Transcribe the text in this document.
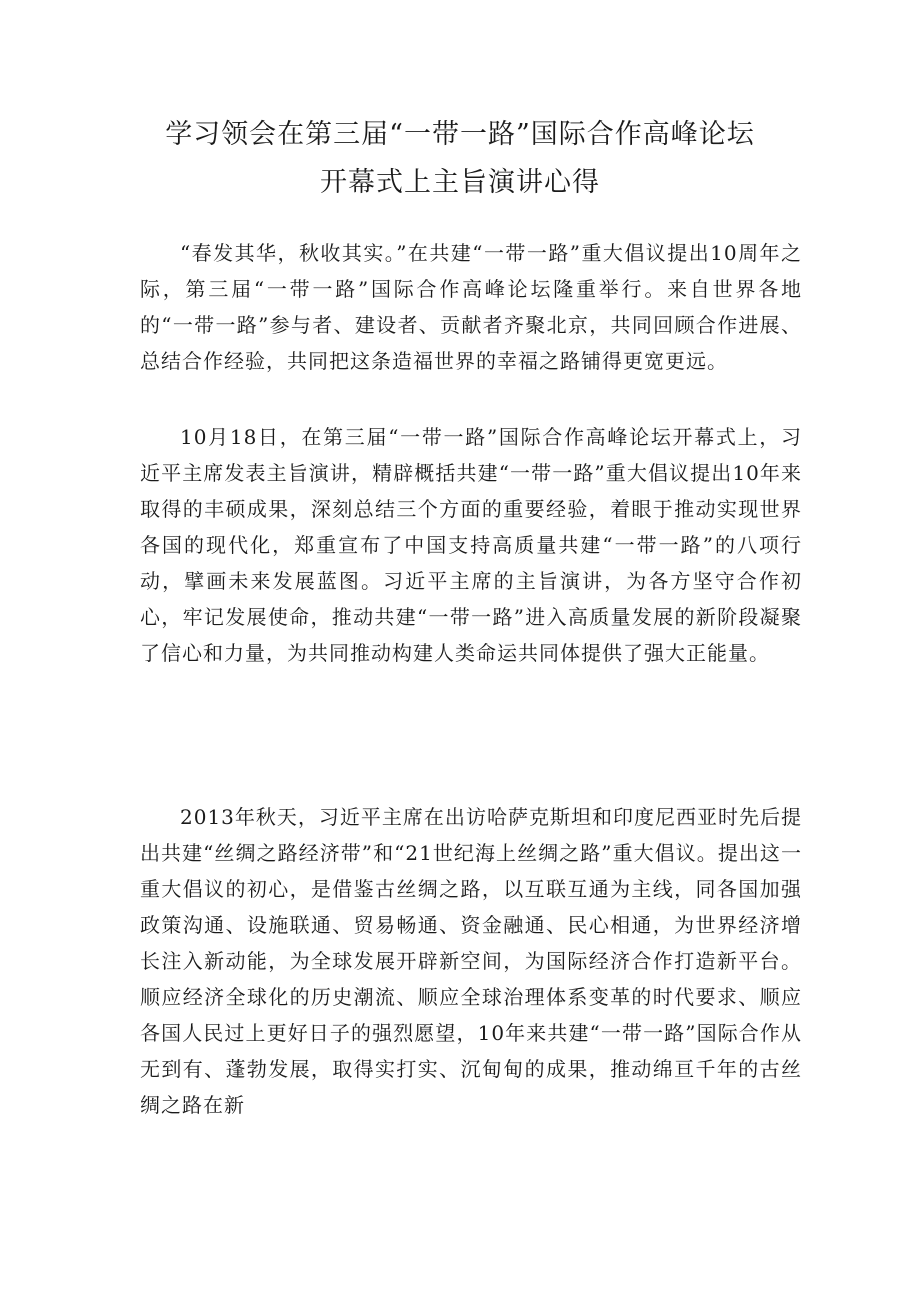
学习领会在第三届“一带一路”国际合作高峰论坛
开幕式上主旨演讲心得

“春发其华，秋收其实。”在共建“一带一路”重大倡议提出10周年之际，第三届“一带一路”国际合作高峰论坛隆重举行。来自世界各地的“一带一路”参与者、建设者、贡献者齐聚北京，共同回顾合作进展、总结合作经验，共同把这条造福世界的幸福之路铺得更宽更远。

10月18日，在第三届“一带一路”国际合作高峰论坛开幕式上，习近平主席发表主旨演讲，精辟概括共建“一带一路”重大倡议提出10年来取得的丰硕成果，深刻总结三个方面的重要经验，着眼于推动实现世界各国的现代化，郑重宣布了中国支持高质量共建“一带一路”的八项行动，擘画未来发展蓝图。习近平主席的主旨演讲，为各方坚守合作初心，牢记发展使命，推动共建“一带一路”进入高质量发展的新阶段凝聚了信心和力量，为共同推动构建人类命运共同体提供了强大正能量。

2013年秋天，习近平主席在出访哈萨克斯坦和印度尼西亚时先后提出共建“丝绸之路经济带”和“21世纪海上丝绸之路”重大倡议。提出这一重大倡议的初心，是借鉴古丝绸之路，以互联互通为主线，同各国加强政策沟通、设施联通、贸易畅通、资金融通、民心相通，为世界经济增长注入新动能，为全球发展开辟新空间，为国际经济合作打造新平台。顺应经济全球化的历史潮流、顺应全球治理体系变革的时代要求、顺应各国人民过上更好日子的强烈愿望，10年来共建“一带一路”国际合作从无到有、蓬勃发展，取得实打实、沉甸甸的成果，推动绵亘千年的古丝绸之路在新
